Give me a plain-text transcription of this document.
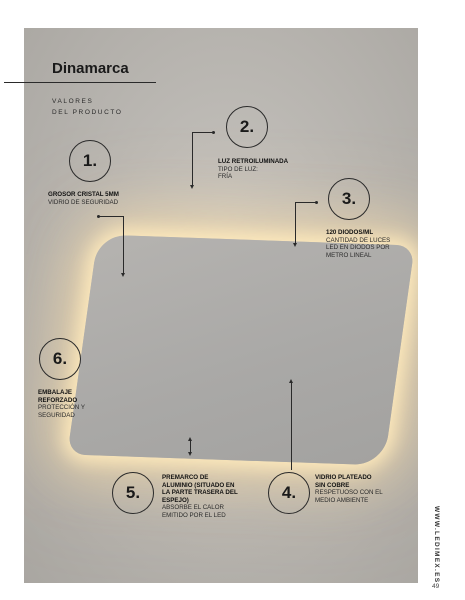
Dinamarca
VALORES
DEL PRODUCTO
1.
GROSOR CRISTAL 5MM
VIDRIO DE SEGURIDAD
2.
LUZ RETROILUMINADA
TIPO DE LUZ:
FRÍA
3.
120 DIODOS/ML
CANTIDAD DE LUCES
LED EN DIODOS POR
METRO LINEAL
6.
EMBALAJE
REFORZADO
PROTECCIÓN Y
SEGURIDAD
5.
PREMARCO DE
ALUMINIO (SITUADO EN
LA PARTE TRASERA DEL
ESPEJO)
ABSORBE EL CALOR
EMITIDO POR EL LED
4.
VIDRIO PLATEADO
SIN COBRE
RESPETUOSO CON EL
MEDIO AMBIENTE
WWW.LEDIMEX.ES
49
